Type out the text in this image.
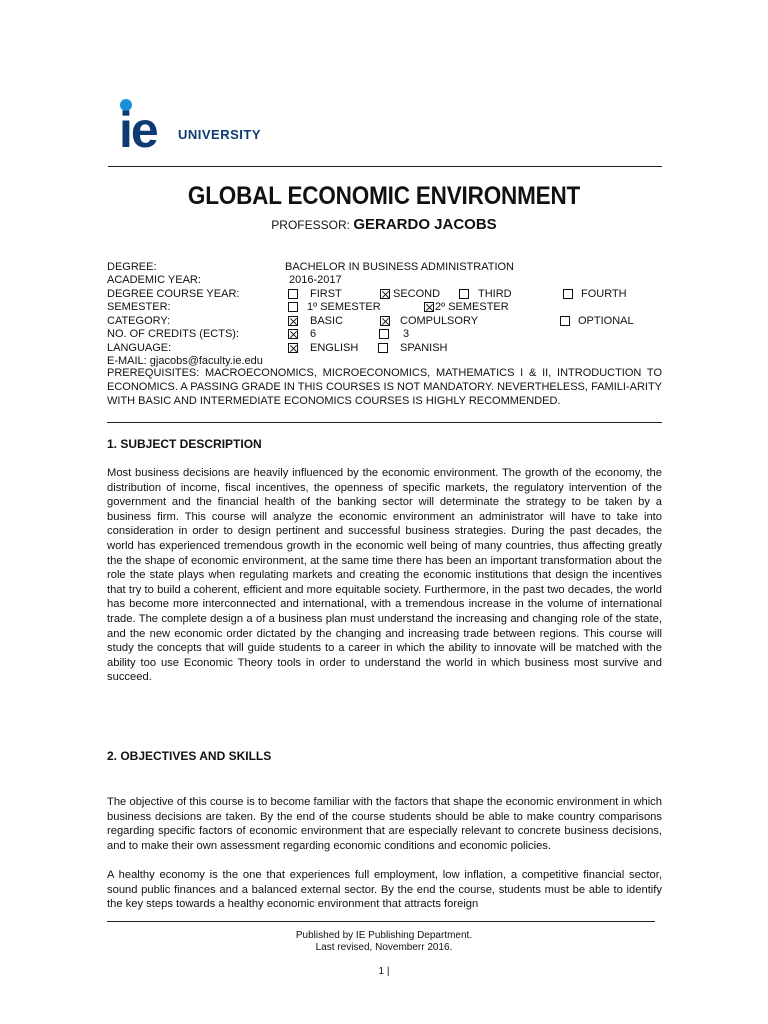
ie UNIVERSITY
GLOBAL ECONOMIC ENVIRONMENT
PROFESSOR: GERARDO JACOBS
DEGREE:	BACHELOR IN BUSINESS ADMINISTRATION
ACADEMIC YEAR:	2016-2017
DEGREE COURSE YEAR:	FIRST	SECOND	THIRD	FOURTH
SEMESTER:	1º SEMESTER	2º SEMESTER
CATEGORY:	BASIC	COMPULSORY	OPTIONAL
NO. OF CREDITS (ECTS):	6	3
LANGUAGE:	ENGLISH	SPANISH
E-MAIL: gjacobs@faculty.ie.edu
PREREQUISITES: MACROECONOMICS, MICROECONOMICS, MATHEMATICS I & II, INTRODUCTION TO ECONOMICS. A PASSING GRADE IN THIS COURSES IS NOT MANDATORY. NEVERTHELESS, FAMILI-ARITY WITH BASIC AND INTERMEDIATE ECONOMICS COURSES IS HIGHLY RECOMMENDED.
1. SUBJECT DESCRIPTION
Most business decisions are heavily influenced by the economic environment. The growth of the economy, the distribution of income, fiscal incentives, the openness of specific markets, the regulatory intervention of the government and the financial health of the banking sector will determinate the strategy to be taken by a business firm. This course will analyze the economic environment an administrator will have to take into consideration in order to design pertinent and successful business strategies. During the past decades, the world has experienced tremendous growth in the economic well being of many countries, thus affecting greatly the the shape of economic environment, at the same time there has been an important transformation about the role the state plays when regulating markets and creating the economic institutions that design the incentives that try to build a coherent, efficient and more equitable society. Furthermore, in the past two decades, the world has become more interconnected and international, with a tremendous increase in the volume of international trade. The complete design a of a business plan must understand the increasing and changing role of the state, and the new economic order dictated by the changing and increasing trade between regions. This course will study the concepts that will guide students to a career in which the ability to innovate will be matched with the ability too use Economic Theory tools in order to understand the world in which business most survive and succeed.
2. OBJECTIVES AND SKILLS
The objective of this course is to become familiar with the factors that shape the economic environment in which business decisions are taken. By the end of the course students should be able to make country comparisons regarding specific factors of economic environment that are especially relevant to concrete business decisions, and to make their own assessment regarding economic conditions and economic policies.
A healthy economy is the one that experiences full employment, low inflation, a competitive financial sector, sound public finances and a balanced external sector. By the end the course, students must be able to identify the key steps towards a healthy economic environment that attracts foreign
Published by IE Publishing Department.
Last revised, Novemberr 2016.
1 |
